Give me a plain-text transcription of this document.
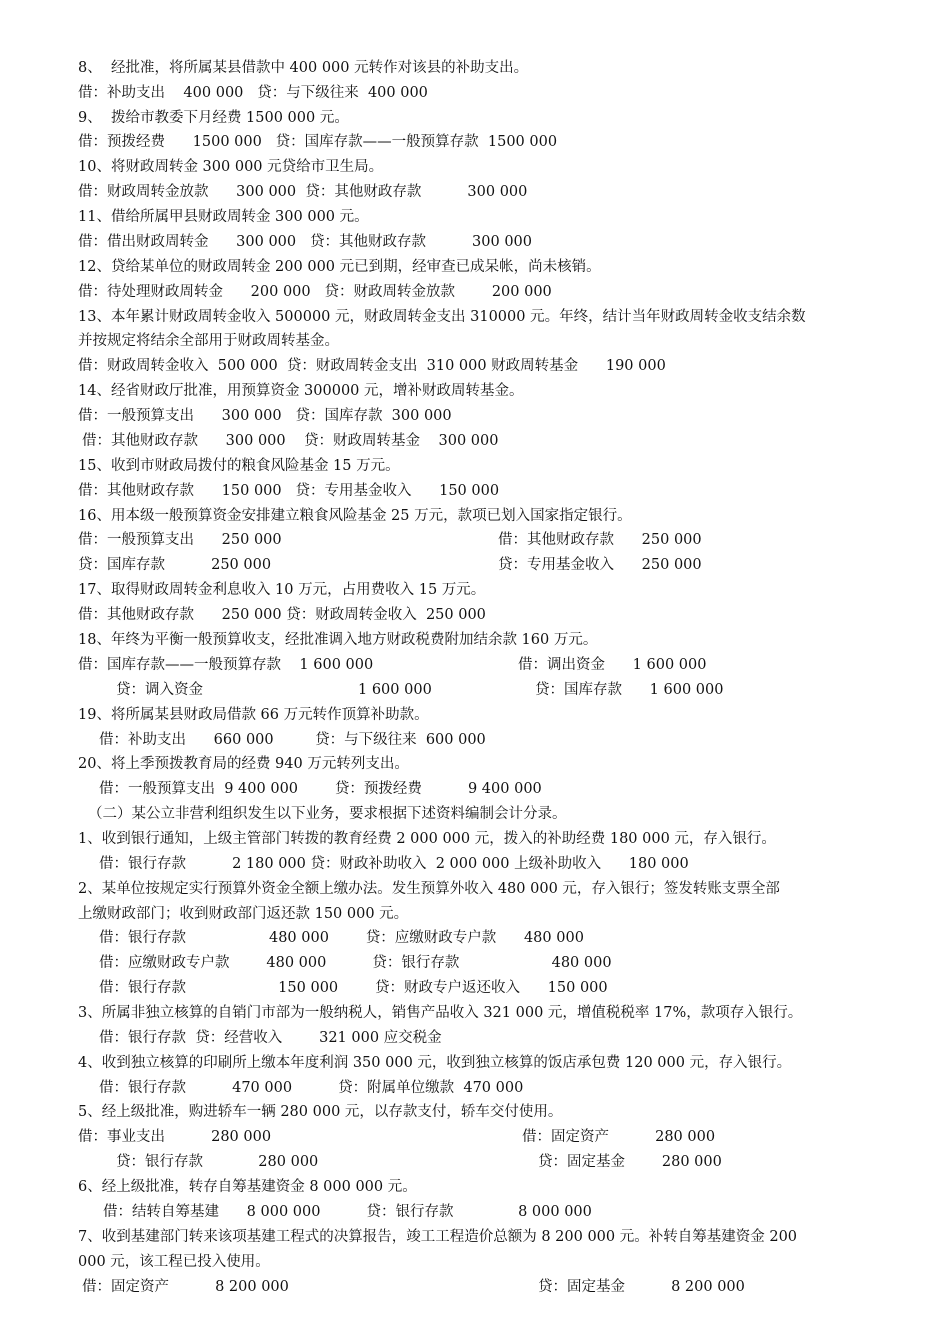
8、  经批准，将所属某县借款中 400 000 元转作对该县的补助支出。
借：补助支出    400 000   贷：与下级往来  400 000
9、  拨给市教委下月经费 1500 000 元。
借：预拨经费      1500 000   贷：国库存款——一般预算存款  1500 000
10、将财政周转金 300 000 元贷给市卫生局。
借：财政周转金放款      300 000  贷：其他财政存款          300 000
11、借给所属甲县财政周转金 300 000 元。
借：借出财政周转金      300 000   贷：其他财政存款          300 000
12、贷给某单位的财政周转金 200 000 元已到期，经审查已成呆帐，尚未核销。
借：待处理财政周转金      200 000   贷：财政周转金放款        200 000
13、本年累计财政周转金收入 500000 元，财政周转金支出 310000 元。年终，结计当年财政周转金收支结余数
并按规定将结余全部用于财政周转基金。
借：财政周转金收入  500 000  贷：财政周转金支出  310 000 财政周转基金      190 000
14、经省财政厅批准，用预算资金 300000 元，增补财政周转基金。
借：一般预算支出      300 000   贷：国库存款  300 000
借：其他财政存款      300 000    贷：财政周转基金    300 000
15、收到市财政局拨付的粮食风险基金 15 万元。
借：其他财政存款      150 000   贷：专用基金收入      150 000
16、用本级一般预算资金安排建立粮食风险基金 25 万元，款项已划入国家指定银行。
借：一般预算支出      250 000	借：其他财政存款      250 000
贷：国库存款          250 000	贷：专用基金收入      250 000
17、取得财政周转金利息收入 10 万元，占用费收入 15 万元。
借：其他财政存款      250 000 贷：财政周转金收入  250 000
18、年终为平衡一般预算收支，经批准调入地方财政税费附加结余款 160 万元。
借：国库存款——一般预算存款    1 600 000	借：调出资金      1 600 000
贷：调入资金	1 600 000	贷：国库存款      1 600 000
19、将所属某县财政局借款 66 万元转作顶算补助款。
借：补助支出      660 000         贷：与下级往来  600 000
20、将上季预拨教育局的经费 940 万元转列支出。
借：一般预算支出  9 400 000        贷：预拨经费          9 400 000
（二）某公立非营利组织发生以下业务，要求根据下述资料编制会计分录。
1、收到银行通知，上级主管部门转拨的教育经费 2 000 000 元，拨入的补助经费 180 000 元，存入银行。
借：银行存款          2 180 000 贷：财政补助收入  2 000 000 上级补助收入      180 000
2、某单位按规定实行预算外资金全额上缴办法。发生预算外收入 480 000 元，存入银行；签发转账支票全部
上缴财政部门；收到财政部门返还款 150 000 元。
借：银行存款                  480 000        贷：应缴财政专户款      480 000
借：应缴财政专户款        480 000          贷：银行存款                    480 000
借：银行存款                    150 000        贷：财政专户返还收入      150 000
3、所属非独立核算的自销门市部为一般纳税人，销售产品收入 321 000 元，增值税税率 17%，款项存入银行。
借：银行存款  贷：经营收入        321 000 应交税金
4、收到独立核算的印刷所上缴本年度利润 350 000 元，收到独立核算的饭店承包费 120 000 元，存入银行。
借：银行存款          470 000          贷：附属单位缴款  470 000
5、经上级批准，购进轿车一辆 280 000 元，以存款支付，轿车交付使用。
借：事业支出          280 000	借：固定资产          280 000
贷：银行存款            280 000	贷：固定基金        280 000
6、经上级批准，转存自筹基建资金 8 000 000 元。
借：结转自筹基建      8 000 000          贷：银行存款              8 000 000
7、收到基建部门转来该项基建工程式的决算报告，竣工工程造价总额为 8 200 000 元。补转自筹基建资金 200
000 元，该工程已投入使用。
借：固定资产          8 200 000	贷：固定基金          8 200 000
